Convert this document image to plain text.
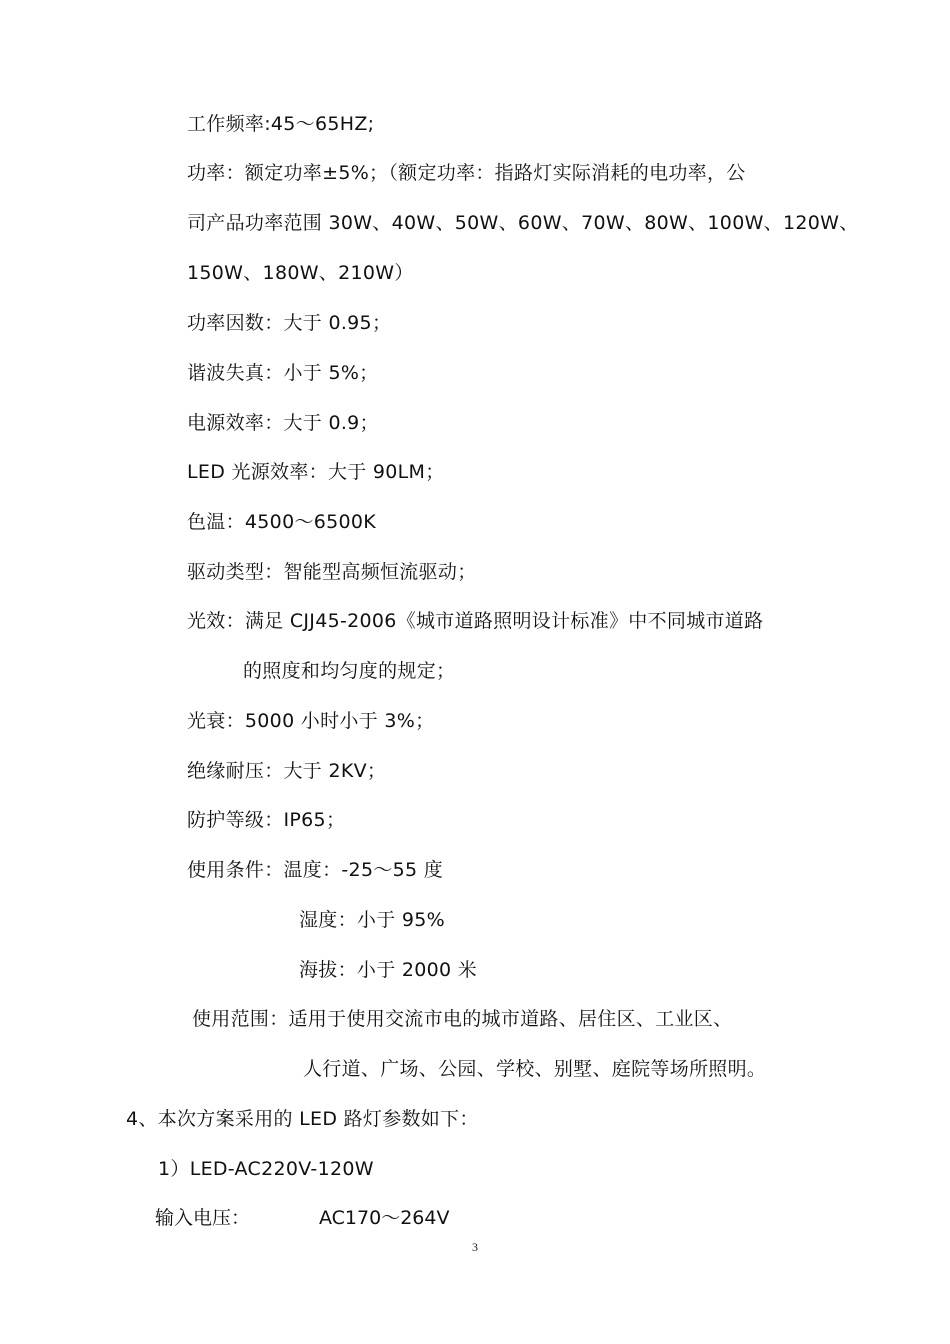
工作频率:45～65HZ;
功率：额定功率±5%；（额定功率：指路灯实际消耗的电功率，公
司产品功率范围 30W、40W、50W、60W、70W、80W、100W、120W、
150W、180W、210W）
功率因数：大于 0.95；
谐波失真：小于 5%；
电源效率：大于 0.9；
LED 光源效率：大于 90LM；
色温：4500～6500K
驱动类型：智能型高频恒流驱动；
光效：满足 CJJ45-2006《城市道路照明设计标准》中不同城市道路
的照度和均匀度的规定；
光衰：5000 小时小于 3%；
绝缘耐压：大于 2KV；
防护等级：IP65；
使用条件：温度：-25～55 度
湿度：小于 95%
海拔：小于 2000 米
使用范围：适用于使用交流市电的城市道路、居住区、工业区、
人行道、广场、公园、学校、别墅、庭院等场所照明。
4、本次方案采用的 LED 路灯参数如下：
1）LED-AC220V-120W
输入电压：	AC170～264V
3
